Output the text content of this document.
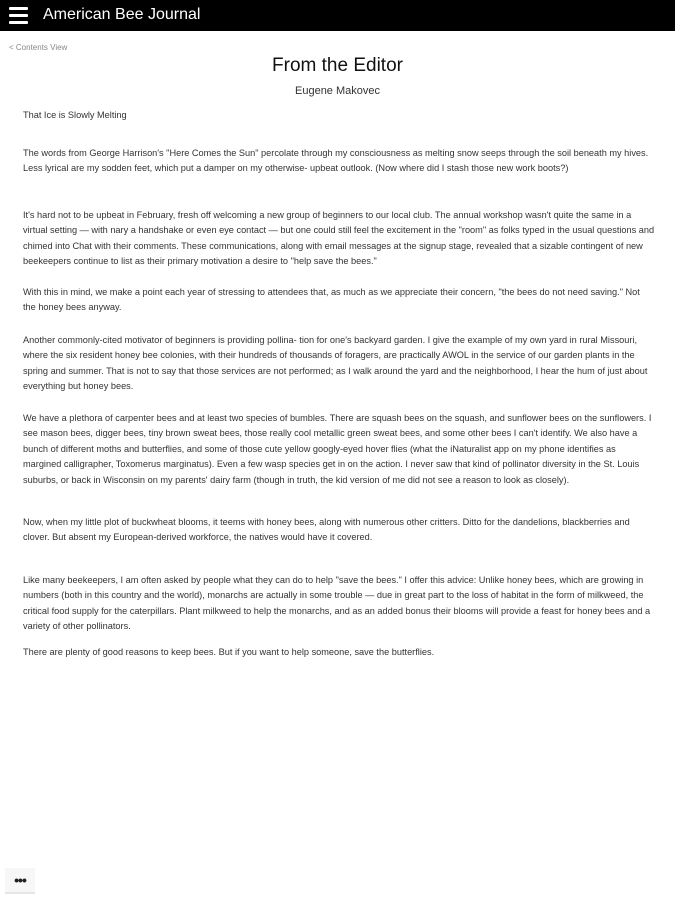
American Bee Journal
< Contents View
From the Editor
Eugene Makovec

That Ice is Slowly Melting

The words from George Harrison's "Here Comes the Sun" percolate through my consciousness as melting snow seeps through the soil beneath my hives. Less lyrical are my sodden feet, which put a damper on my otherwise- upbeat outlook. (Now where did I stash those new work boots?)

It's hard not to be upbeat in February, fresh off welcoming a new group of beginners to our local club. The annual workshop wasn't quite the same in a virtual setting — with nary a handshake or even eye contact — but one could still feel the excitement in the "room" as folks typed in the usual questions and chimed into Chat with their comments. These communications, along with email messages at the signup stage, revealed that a sizable contingent of new beekeepers continue to list as their primary motivation a desire to "help save the bees."

With this in mind, we make a point each year of stressing to attendees that, as much as we appreciate their concern, "the bees do not need saving." Not the honey bees anyway.

Another commonly-cited motivator of beginners is providing pollina- tion for one's backyard garden. I give the example of my own yard in rural Missouri, where the six resident honey bee colonies, with their hundreds of thousands of foragers, are practically AWOL in the service of our garden plants in the spring and summer. That is not to say that those services are not performed; as I walk around the yard and the neighborhood, I hear the hum of just about everything but honey bees.

We have a plethora of carpenter bees and at least two species of bumbles. There are squash bees on the squash, and sunflower bees on the sunflowers. I see mason bees, digger bees, tiny brown sweat bees, those really cool metallic green sweat bees, and some other bees I can't identify. We also have a bunch of different moths and butterflies, and some of those cute yellow googly-eyed hover flies (what the iNaturalist app on my phone identifies as margined calligrapher, Toxomerus marginatus). Even a few wasp species get in on the action. I never saw that kind of pollinator diversity in the St. Louis suburbs, or back in Wisconsin on my parents' dairy farm (though in truth, the kid version of me did not see a reason to look as closely).

Now, when my little plot of buckwheat blooms, it teems with honey bees, along with numerous other critters. Ditto for the dandelions, blackberries and clover. But absent my European-derived workforce, the natives would have it covered.

Like many beekeepers, I am often asked by people what they can do to help "save the bees." I offer this advice: Unlike honey bees, which are growing in numbers (both in this country and the world), monarchs are actually in some trouble — due in great part to the loss of habitat in the form of milkweed, the critical food supply for the caterpillars. Plant milkweed to help the monarchs, and as an added bonus their blooms will provide a feast for honey bees and a variety of other pollinators.

There are plenty of good reasons to keep bees. But if you want to help someone, save the butterflies.

•••
